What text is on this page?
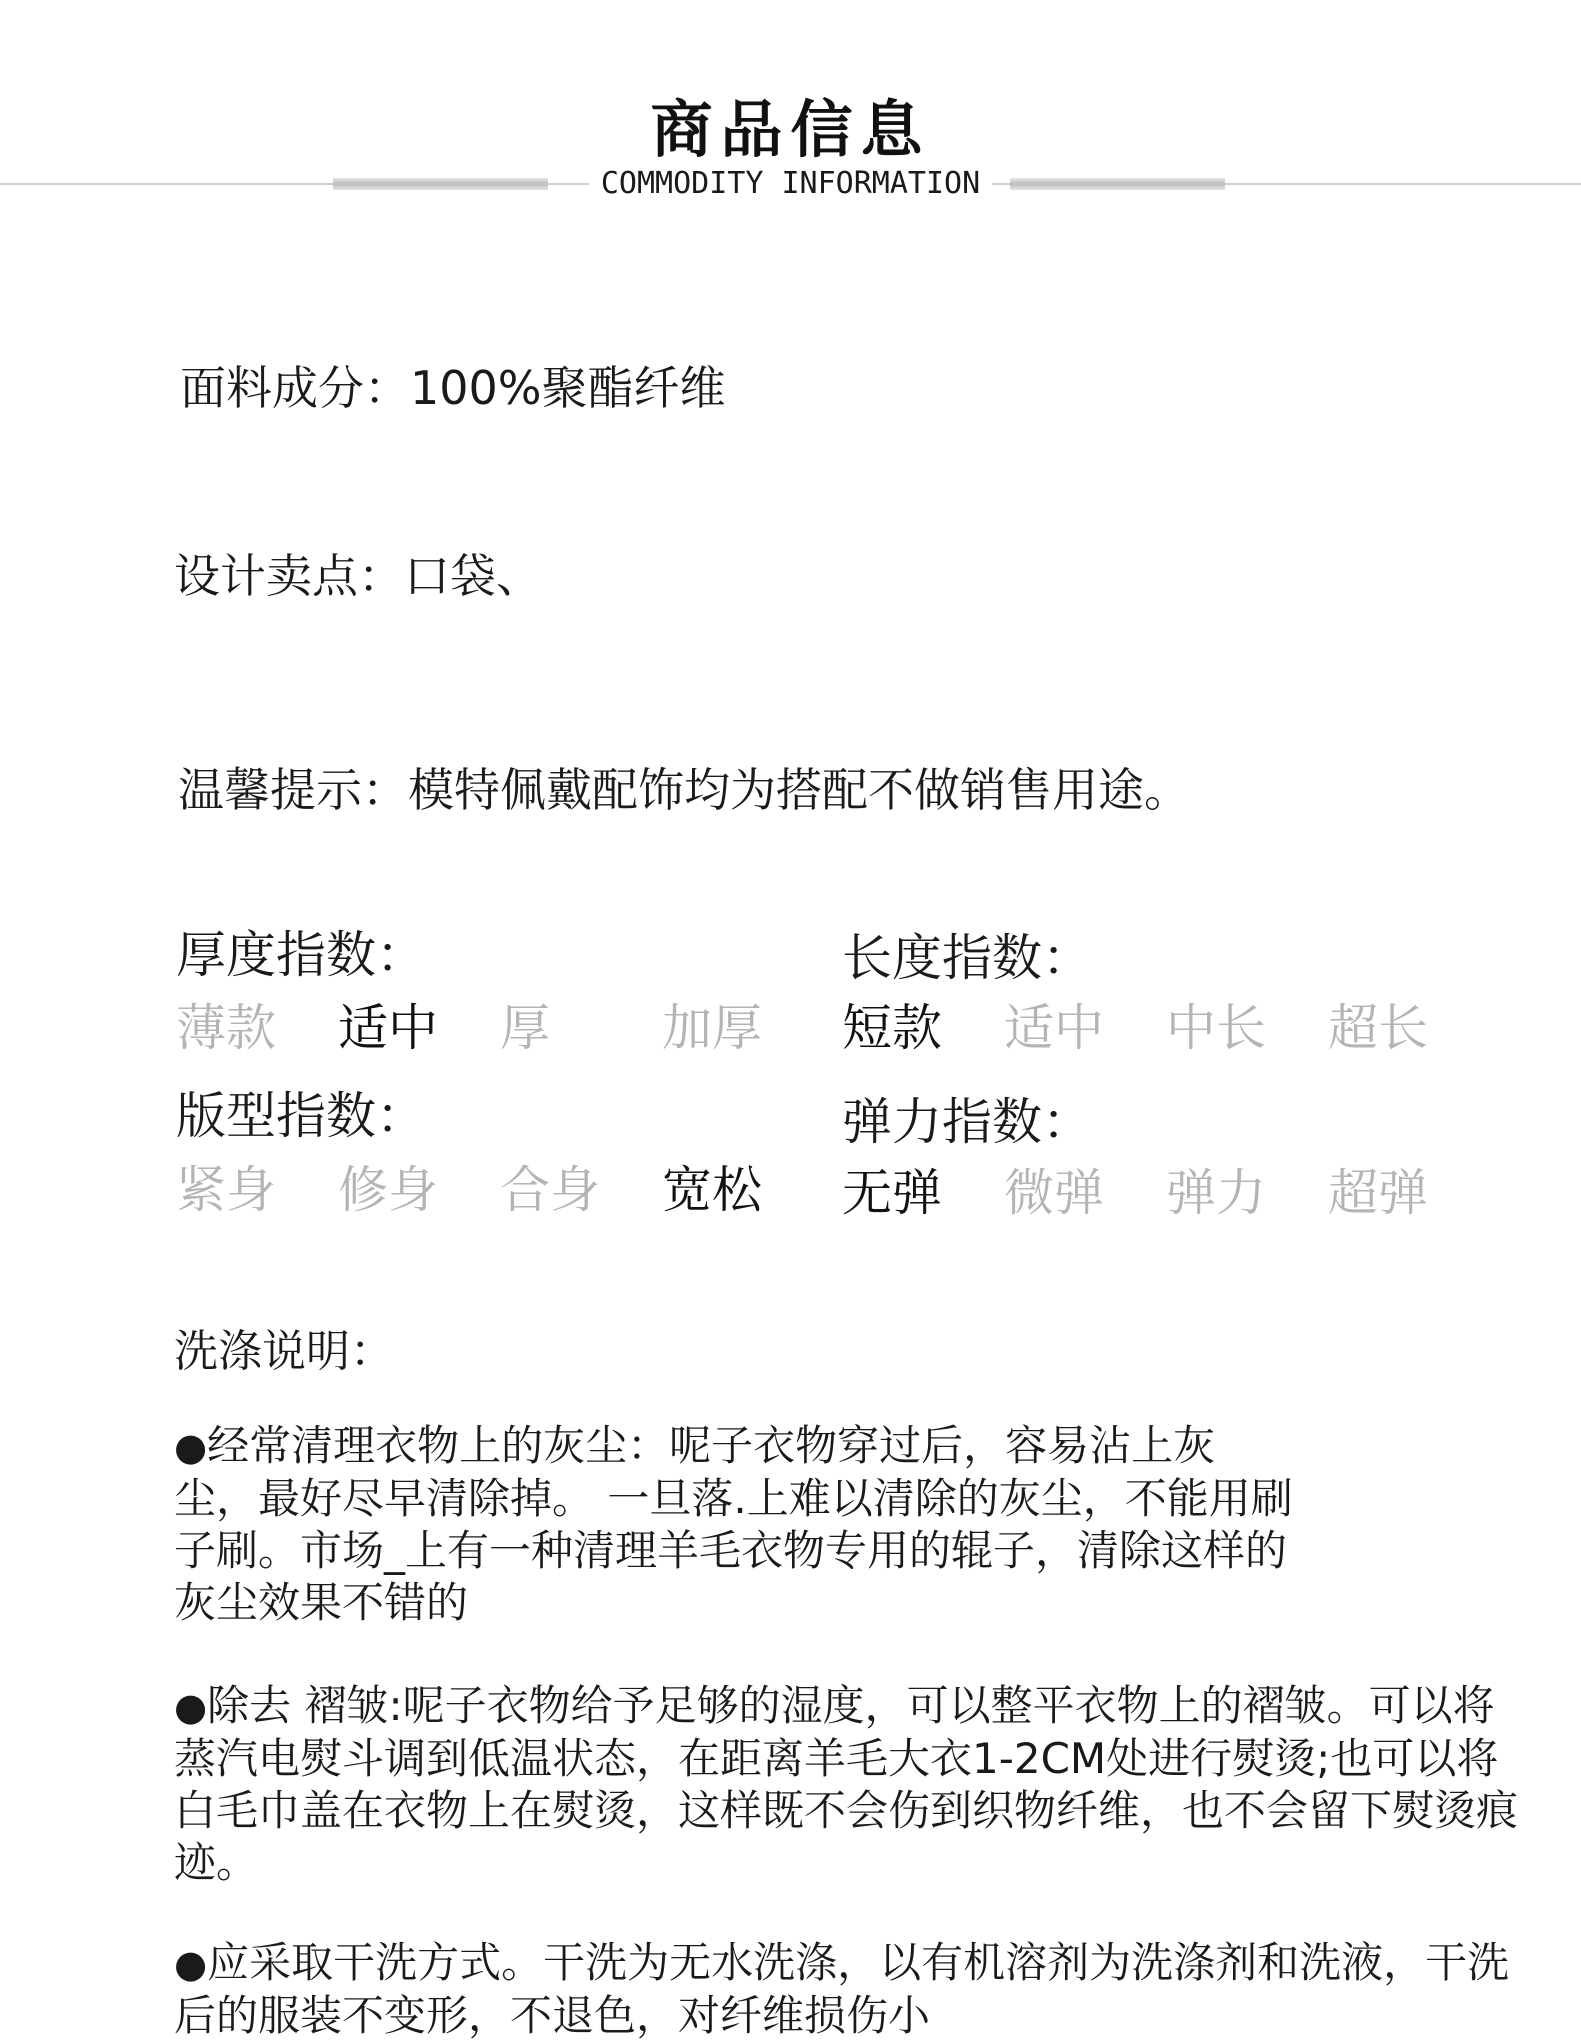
商品信息
COMMODITY INFORMATION
面料成分：100%聚酯纤维
设计卖点：口袋、
温馨提示：模特佩戴配饰均为搭配不做销售用途。
厚度指数：
薄款	适中	厚	加厚
长度指数：
短款	适中	中长	超长
版型指数：
紧身	修身	合身	宽松
弹力指数：
无弹	微弹	弹力	超弹
洗涤说明：
●经常清理衣物上的灰尘：呢子衣物穿过后，容易沾上灰尘，最好尽早清除掉。 一旦落.上难以清除的灰尘，不能用刷子刷。市场_上有一种清理羊毛衣物专用的辊子，清除这样的灰尘效果不错的
●除去 褶皱:呢子衣物给予足够的湿度，可以整平衣物上的褶皱。可以将蒸汽电熨斗调到低温状态，在距离羊毛大衣1-2CM处进行熨烫;也可以将白毛巾盖在衣物上在熨烫，这样既不会伤到织物纤维，也不会留下熨烫痕迹。
●应采取干洗方式。干洗为无水洗涤，以有机溶剂为洗涤剂和洗液，干洗后的服装不变形，不退色，对纤维损伤小
